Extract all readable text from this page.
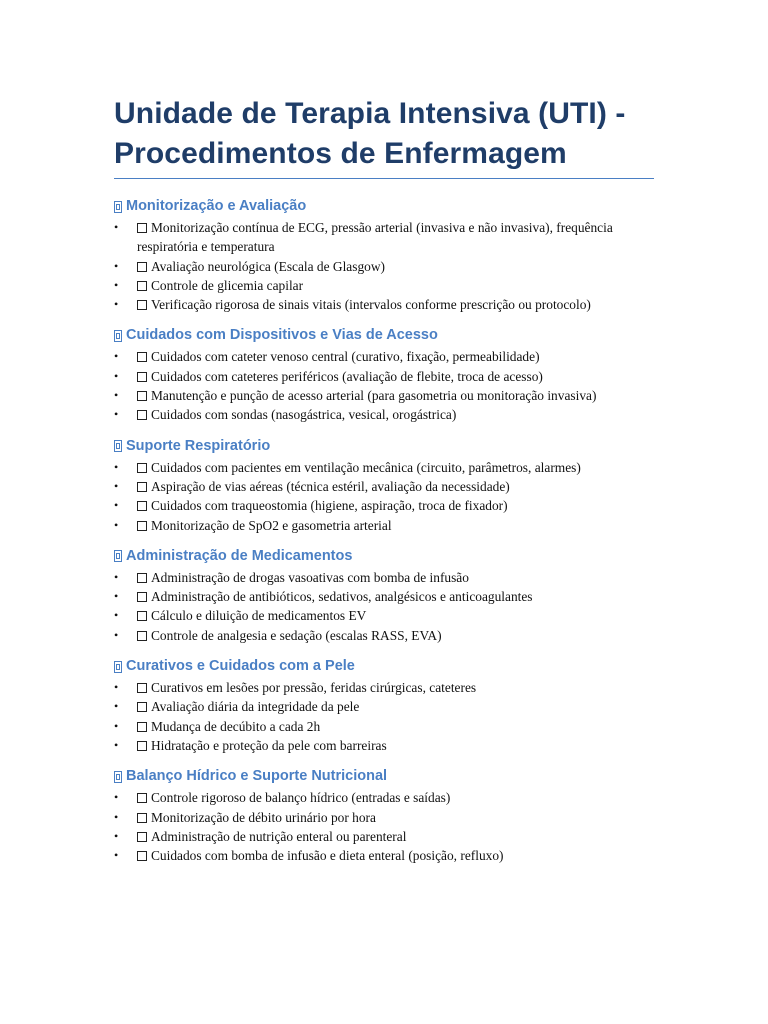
Unidade de Terapia Intensiva (UTI) - Procedimentos de Enfermagem
Monitorização e Avaliação
• Monitorização contínua de ECG, pressão arterial (invasiva e não invasiva), frequência respiratória e temperatura
• Avaliação neurológica (Escala de Glasgow)
• Controle de glicemia capilar
• Verificação rigorosa de sinais vitais (intervalos conforme prescrição ou protocolo)
Cuidados com Dispositivos e Vias de Acesso
• Cuidados com cateter venoso central (curativo, fixação, permeabilidade)
• Cuidados com cateteres periféricos (avaliação de flebite, troca de acesso)
• Manutenção e punção de acesso arterial (para gasometria ou monitoração invasiva)
• Cuidados com sondas (nasogástrica, vesical, orogástrica)
Suporte Respiratório
• Cuidados com pacientes em ventilação mecânica (circuito, parâmetros, alarmes)
• Aspiração de vias aéreas (técnica estéril, avaliação da necessidade)
• Cuidados com traqueostomia (higiene, aspiração, troca de fixador)
• Monitorização de SpO2 e gasometria arterial
Administração de Medicamentos
• Administração de drogas vasoativas com bomba de infusão
• Administração de antibióticos, sedativos, analgésicos e anticoagulantes
• Cálculo e diluição de medicamentos EV
• Controle de analgesia e sedação (escalas RASS, EVA)
Curativos e Cuidados com a Pele
• Curativos em lesões por pressão, feridas cirúrgicas, cateteres
• Avaliação diária da integridade da pele
• Mudança de decúbito a cada 2h
• Hidratação e proteção da pele com barreiras
Balanço Hídrico e Suporte Nutricional
• Controle rigoroso de balanço hídrico (entradas e saídas)
• Monitorização de débito urinário por hora
• Administração de nutrição enteral ou parenteral
• Cuidados com bomba de infusão e dieta enteral (posição, refluxo)
